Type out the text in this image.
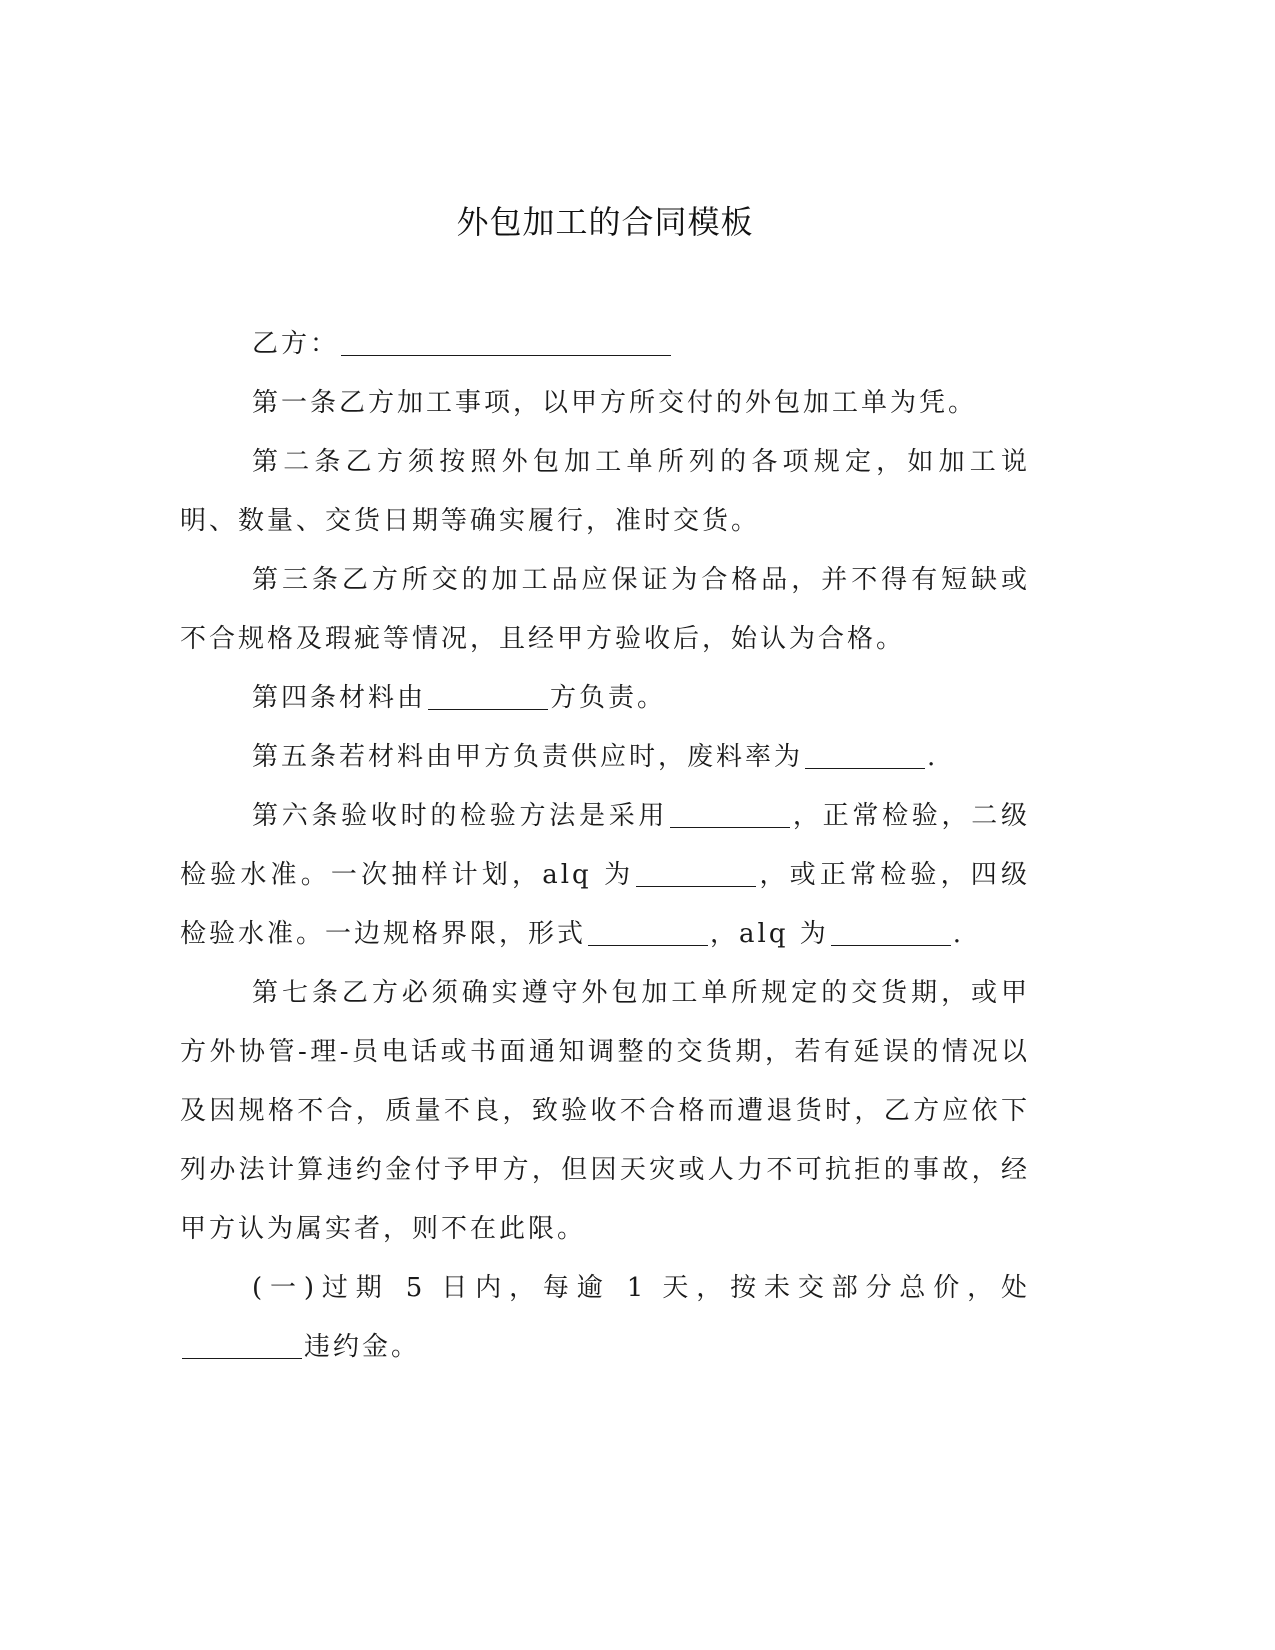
外包加工的合同模板

乙方：

第一条乙方加工事项，以甲方所交付的外包加工单为凭。

第二条乙方须按照外包加工单所列的各项规定，如加工说明、数量、交货日期等确实履行，准时交货。

第三条乙方所交的加工品应保证为合格品，并不得有短缺或不合规格及瑕疵等情况，且经甲方验收后，始认为合格。

第四条材料由	方负责。

第五条若材料由甲方负责供应时，废料率为	.

第六条验收时的检验方法是采用	，正常检验，二级检验水准。一次抽样计划，alq 为	，或正常检验，四级检验水准。一边规格界限，形式	，alq 为	.

第七条乙方必须确实遵守外包加工单所规定的交货期，或甲方外协管-理-员电话或书面通知调整的交货期，若有延误的情况以及因规格不合，质量不良，致验收不合格而遭退货时，乙方应依下列办法计算违约金付予甲方，但因天灾或人力不可抗拒的事故，经甲方认为属实者，则不在此限。

(一)过期 5 日内，每逾 1 天，按未交部分总价，处违约金。
